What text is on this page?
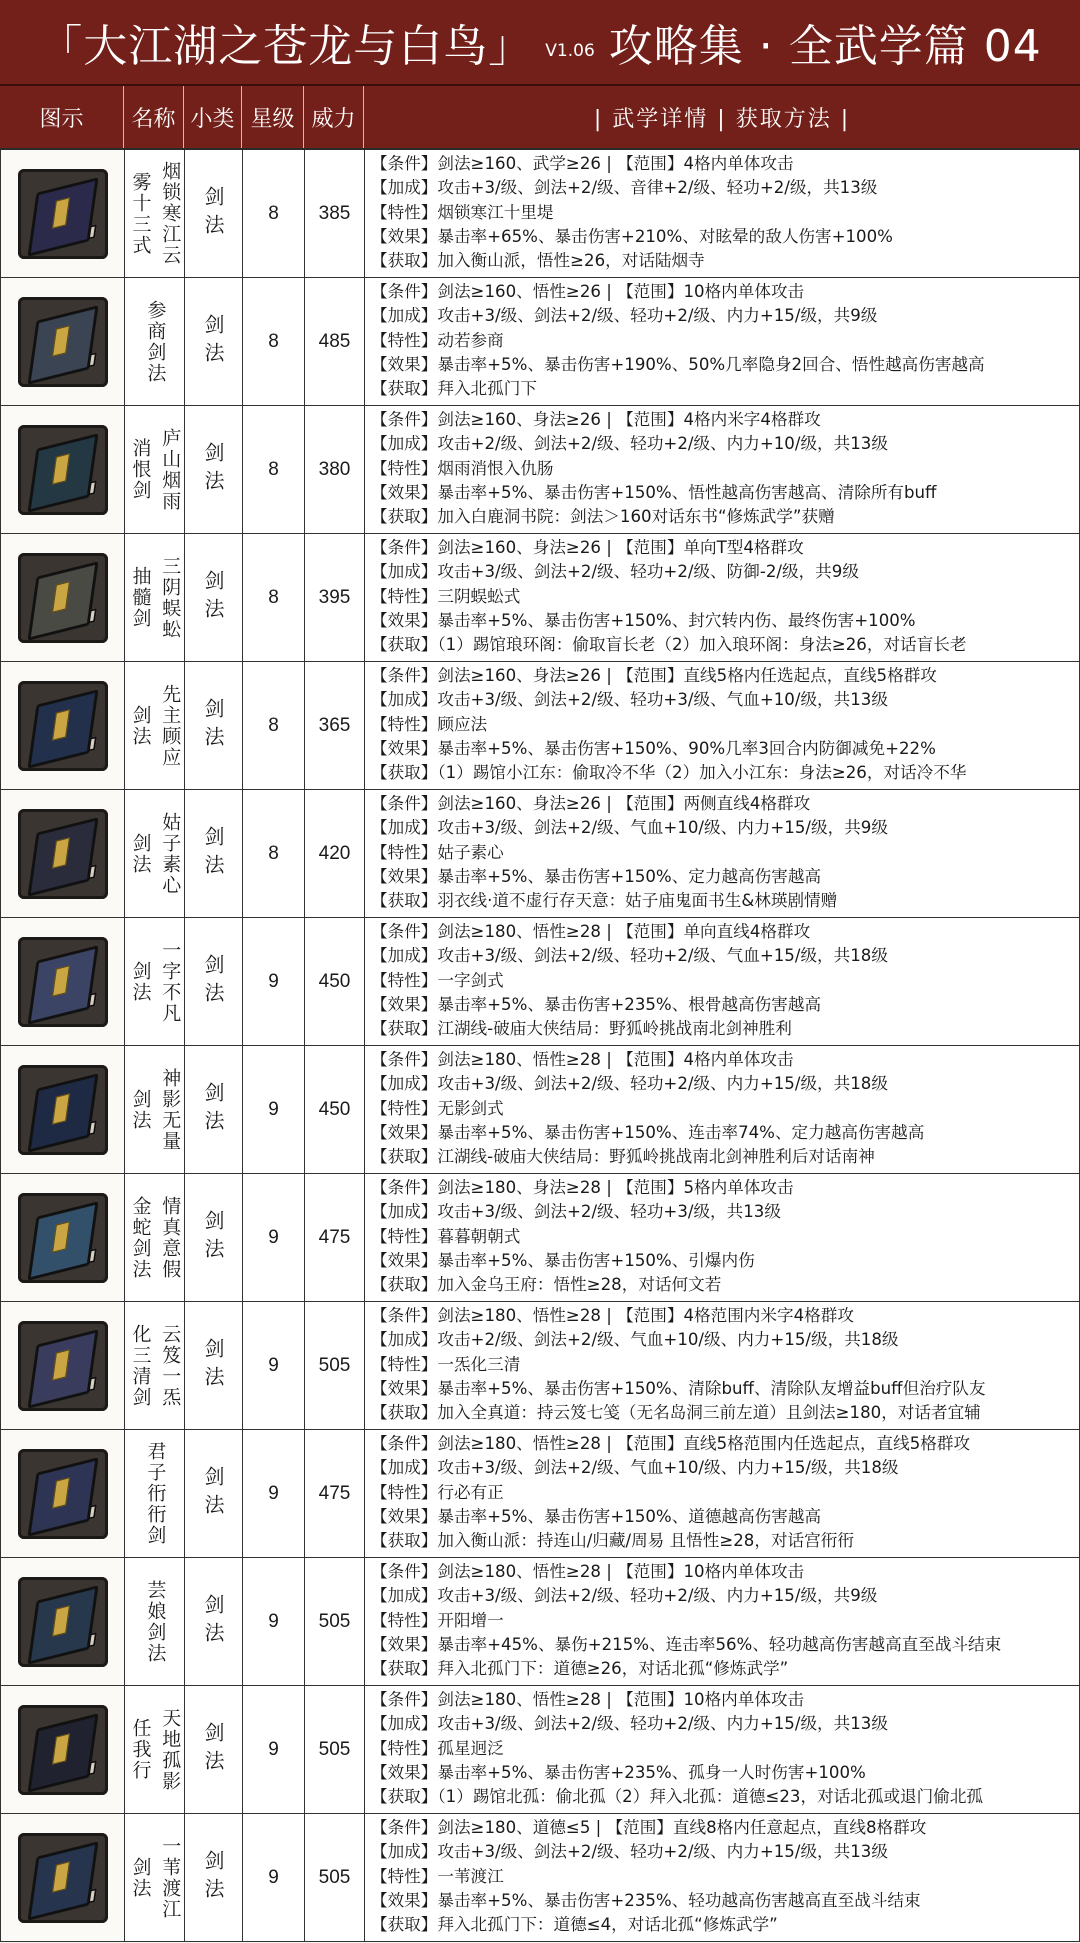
「大江湖之苍龙与白鸟」 V1.06 攻略集 · 全武学篇 04
图示	名称 小类 星级 威力	| 武学详情 | 获取方法 |
烟锁寒江云
雾十三式	剑法	8	385
【条件】剑法≥160、武学≥26 | 【范围】4格内单体攻击
【加成】攻击+3/级、剑法+2/级、音律+2/级、轻功+2/级，共13级
【特性】烟锁寒江十里堤
【效果】暴击率+65%、暴击伤害+210%、对眩晕的敌人伤害+100%
【获取】加入衡山派，悟性≥26，对话陆烟寺
参商剑法	剑法	8	485
【条件】剑法≥160、悟性≥26 | 【范围】10格内单体攻击
【加成】攻击+3/级、剑法+2/级、轻功+2/级、内力+15/级，共9级
【特性】动若参商
【效果】暴击率+5%、暴击伤害+190%、50%几率隐身2回合、悟性越高伤害越高
【获取】拜入北孤门下
庐山烟雨
消恨剑	剑法	8	380
【条件】剑法≥160、身法≥26 | 【范围】4格内米字4格群攻
【加成】攻击+2/级、剑法+2/级、轻功+2/级、内力+10/级，共13级
【特性】烟雨消恨入仇肠
【效果】暴击率+5%、暴击伤害+150%、悟性越高伤害越高、清除所有buff
【获取】加入白鹿洞书院：剑法＞160对话东书“修炼武学”获赠
三阴蜈蚣
抽髓剑	剑法	8	395
【条件】剑法≥160、身法≥26 | 【范围】单向T型4格群攻
【加成】攻击+3/级、剑法+2/级、轻功+2/级、防御-2/级，共9级
【特性】三阴蜈蚣式
【效果】暴击率+5%、暴击伤害+150%、封穴转内伤、最终伤害+100%
【获取】（1）踢馆琅环阁：偷取盲长老（2）加入琅环阁：身法≥26，对话盲长老
先主顾应
剑法	剑法	8	365
【条件】剑法≥160、身法≥26 | 【范围】直线5格内任选起点，直线5格群攻
【加成】攻击+3/级、剑法+2/级、轻功+3/级、气血+10/级，共13级
【特性】顾应法
【效果】暴击率+5%、暴击伤害+150%、90%几率3回合内防御减免+22%
【获取】（1）踢馆小江东：偷取冷不华（2）加入小江东：身法≥26，对话冷不华
姑子素心
剑法	剑法	8	420
【条件】剑法≥160、身法≥26 | 【范围】两侧直线4格群攻
【加成】攻击+3/级、剑法+2/级、气血+10/级、内力+15/级，共9级
【特性】姑子素心
【效果】暴击率+5%、暴击伤害+150%、定力越高伤害越高
【获取】羽衣线·道不虚行存天意：姑子庙鬼面书生&林瑛剧情赠
一字不凡
剑法	剑法	9	450
【条件】剑法≥180、悟性≥28 | 【范围】单向直线4格群攻
【加成】攻击+3/级、剑法+2/级、轻功+2/级、气血+15/级，共18级
【特性】一字剑式
【效果】暴击率+5%、暴击伤害+235%、根骨越高伤害越高
【获取】江湖线-破庙大侠结局：野狐岭挑战南北剑神胜利
神影无量
剑法	剑法	9	450
【条件】剑法≥180、悟性≥28 | 【范围】4格内单体攻击
【加成】攻击+3/级、剑法+2/级、轻功+2/级、内力+15/级，共18级
【特性】无影剑式
【效果】暴击率+5%、暴击伤害+150%、连击率74%、定力越高伤害越高
【获取】江湖线-破庙大侠结局：野狐岭挑战南北剑神胜利后对话南神
情真意假
金蛇剑法	剑法	9	475
【条件】剑法≥180、身法≥28 | 【范围】5格内单体攻击
【加成】攻击+3/级、剑法+2/级、轻功+3/级，共13级
【特性】暮暮朝朝式
【效果】暴击率+5%、暴击伤害+150%、引爆内伤
【获取】加入金乌王府：悟性≥28，对话何文若
云笈一炁
化三清剑	剑法	9	505
【条件】剑法≥180、悟性≥28 | 【范围】4格范围内米字4格群攻
【加成】攻击+2/级、剑法+2/级、气血+10/级、内力+15/级，共18级
【特性】一炁化三清
【效果】暴击率+5%、暴击伤害+150%、清除buff、清除队友增益buff但治疗队友
【获取】加入全真道：持云笈七笺（无名岛洞三前左道）且剑法≥180，对话者宜辅
君子衎衎剑	剑法	9	475
【条件】剑法≥180、悟性≥28 | 【范围】直线5格范围内任选起点，直线5格群攻
【加成】攻击+3/级、剑法+2/级、气血+10/级、内力+15/级，共18级
【特性】行必有正
【效果】暴击率+5%、暴击伤害+150%、道德越高伤害越高
【获取】加入衡山派：持连山/归藏/周易 且悟性≥28，对话宫衎衎
芸娘剑法	剑法	9	505
【条件】剑法≥180、悟性≥28 | 【范围】10格内单体攻击
【加成】攻击+3/级、剑法+2/级、轻功+2/级、内力+15/级，共9级
【特性】开阳增一
【效果】暴击率+45%、暴伤+215%、连击率56%、轻功越高伤害越高直至战斗结束
【获取】拜入北孤门下：道德≥26，对话北孤“修炼武学”
天地孤影
任我行	剑法	9	505
【条件】剑法≥180、悟性≥28 | 【范围】10格内单体攻击
【加成】攻击+3/级、剑法+2/级、轻功+2/级、内力+15/级，共13级
【特性】孤星迥泛
【效果】暴击率+5%、暴击伤害+235%、孤身一人时伤害+100%
【获取】（1）踢馆北孤：偷北孤（2）拜入北孤：道德≤23，对话北孤或退门偷北孤
一苇渡江
剑法	剑法	9	505
【条件】剑法≥180、道德≤5 | 【范围】直线8格内任意起点，直线8格群攻
【加成】攻击+3/级、剑法+2/级、轻功+2/级、内力+15/级，共13级
【特性】一苇渡江
【效果】暴击率+5%、暴击伤害+235%、轻功越高伤害越高直至战斗结束
【获取】拜入北孤门下：道德≤4，对话北孤“修炼武学”
